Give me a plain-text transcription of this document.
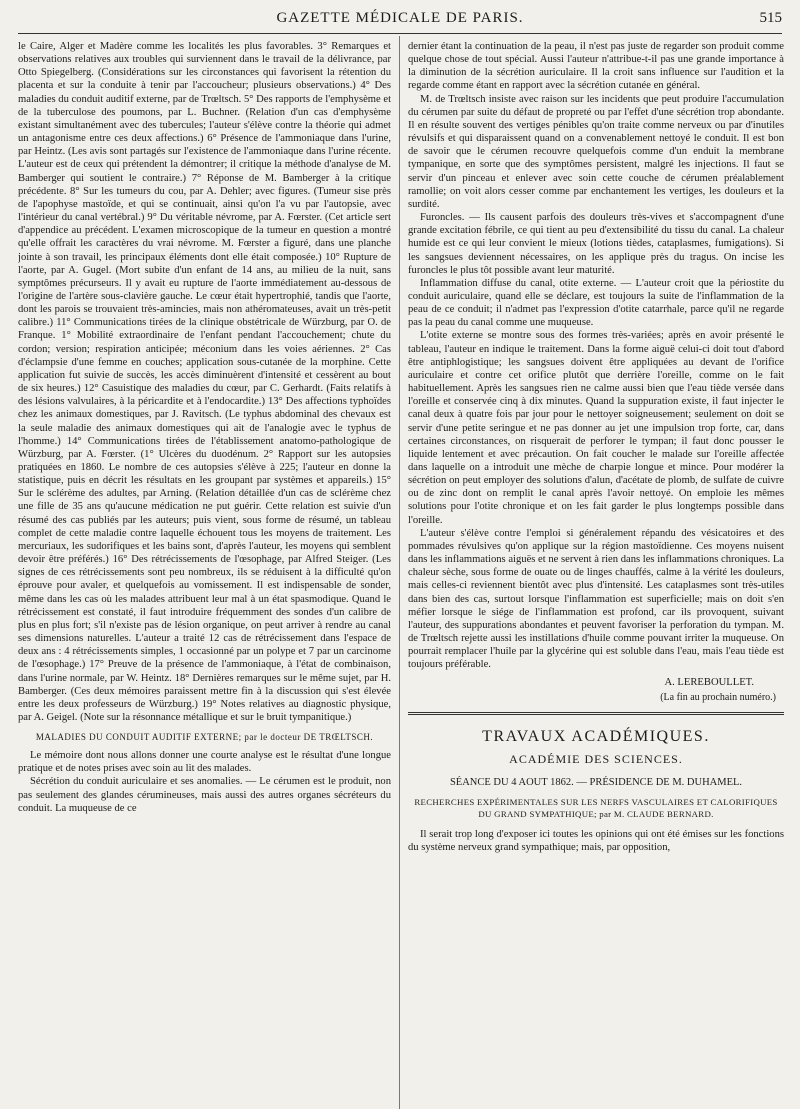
GAZETTE MÉDICALE DE PARIS.	515

le Caire, Alger et Madère comme les localités les plus favorables. 3° Remarques et observations relatives aux troubles qui surviennent dans le travail de la délivrance, par Otto Spiegelberg. (Considérations sur les circonstances qui favorisent la rétention du placenta et sur la conduite à tenir par l'accoucheur; plusieurs observations.) 4° Des maladies du conduit auditif externe, par de Trœltsch. 5° Des rapports de l'emphysème et de la tuberculose des poumons, par L. Buchner. (Relation d'un cas d'emphysème existant simultanément avec des tubercules; l'auteur s'élève contre la théorie qui admet un antagonisme entre ces deux affections.) 6° Présence de l'ammoniaque dans l'urine, par Heintz. (Les avis sont partagés sur l'existence de l'ammoniaque dans l'urine récente. L'auteur est de ceux qui prétendent la démontrer; il critique la méthode d'analyse de M. Bamberger qui soutient le contraire.) 7° Réponse de M. Bamberger à la critique précédente. 8° Sur les tumeurs du cou, par A. Dehler; avec figures. (Tumeur sise près de l'apophyse mastoïde, et qui se continuait, ainsi qu'on l'a vu par l'autopsie, avec l'intérieur du canal vertébral.) 9° Du véritable névrome, par A. Fœrster. (Cet article sert d'appendice au précédent. L'examen microscopique de la tumeur en question a montré qu'elle offrait les caractères du vrai névrome. M. Fœrster a figuré, dans une planche jointe à son travail, les principaux éléments dont elle était composée.) 10° Rupture de l'aorte, par A. Gugel. (Mort subite d'un enfant de 14 ans, au milieu de la nuit, sans symptômes précurseurs. Il y avait eu rupture de l'aorte immédiatement au-dessous de l'origine de l'artère sous-clavière gauche. Le cœur était hypertrophié, tandis que l'aorte, dont les parois se trouvaient très-amincies, mais non athéromateuses, avait un très-petit calibre.) 11° Communications tirées de la clinique obstétricale de Würzburg, par O. de Franque. 1° Mobilité extraordinaire de l'enfant pendant l'accouchement; chute du cordon; version; respiration anticipée; méconium dans les voies aériennes. 2° Cas d'éclampsie d'une femme en couches; application sous-cutanée de la morphine. Cette application fut suivie de succès, les accès diminuèrent d'intensité et cessèrent au bout de six heures.) 12° Casuistique des maladies du cœur, par C. Gerhardt. (Faits relatifs à des lésions valvulaires, à la péricardite et à l'endocardite.) 13° Des affections typhoïdes chez les animaux domestiques, par J. Ravitsch. (Le typhus abdominal des chevaux est la seule maladie des animaux domestiques qui ait de l'analogie avec le typhus de l'homme.) 14° Communications tirées de l'établissement anatomo-pathologique de Würzburg, par A. Fœrster. (1° Ulcères du duodénum. 2° Rapport sur les autopsies pratiquées en 1860. Le nombre de ces autopsies s'élève à 225; l'auteur en donne la statistique, puis en décrit les résultats en les groupant par systèmes et appareils.) 15° Sur le sclérème des adultes, par Arning. (Relation détaillée d'un cas de sclérème chez une fille de 35 ans qu'aucune médication ne put guérir. Cette relation est suivie d'un résumé des cas publiés par les auteurs; puis vient, sous forme de résumé, un tableau complet de cette maladie contre laquelle échouent tous les moyens de traitement. Les mercuriaux, les sudorifiques et les bains sont, d'après l'auteur, les moyens qui semblent devoir être préférés.) 16° Des rétrécissements de l'œsophage, par Alfred Steiger. (Les signes de ces rétrécissements sont peu nombreux, ils se réduisent à la difficulté qu'on éprouve pour avaler, et quelquefois au vomissement. Il est indispensable de sonder, même dans les cas où les malades attribuent leur mal à un état spasmodique. Quand le rétrécissement est constaté, il faut introduire fréquemment des sondes d'un calibre de plus en plus fort; s'il n'existe pas de lésion organique, on peut arriver à rendre au canal ses dimensions naturelles. L'auteur a traité 12 cas de rétrécissement dans l'espace de deux ans : 4 rétrécissements simples, 1 occasionné par un polype et 7 par un carcinome de l'œsophage.) 17° Preuve de la présence de l'ammoniaque, à l'état de combinaison, dans l'urine normale, par W. Heintz. 18° Dernières remarques sur le même sujet, par H. Bamberger. (Ces deux mémoires paraissent mettre fin à la discussion qui s'est élevée entre les deux professeurs de Würzburg.) 19° Notes relatives au diagnostic physique, par A. Geigel. (Note sur la résonnance métallique et sur le bruit tympanitique.)

MALADIES DU CONDUIT AUDITIF EXTERNE; par le docteur DE TRŒLTSCH.

Le mémoire dont nous allons donner une courte analyse est le résultat d'une longue pratique et de notes prises avec soin au lit des malades.

Sécrétion du conduit auriculaire et ses anomalies. — Le cérumen est le produit, non pas seulement des glandes cérumineuses, mais aussi des autres organes sécréteurs du conduit. La muqueuse de ce

dernier étant la continuation de la peau, il n'est pas juste de regarder son produit comme quelque chose de tout spécial. Aussi l'auteur n'attribue-t-il pas une grande importance à la diminution de la sécrétion auriculaire. Il la croit sans influence sur l'audition et la regarde comme étant en rapport avec la sécrétion cutanée en général.

M. de Trœltsch insiste avec raison sur les incidents que peut produire l'accumulation du cérumen par suite du défaut de propreté ou par l'effet d'une sécrétion trop abondante. Il en résulte souvent des vertiges pénibles qu'on traite comme nerveux ou par d'inutiles révulsifs et qui disparaissent quand on a convenablement nettoyé le conduit. Il est bon de savoir que le cérumen recouvre quelquefois comme d'un enduit la membrane tympanique, en sorte que des symptômes persistent, malgré les injections. Il faut se servir d'un pinceau et enlever avec soin cette couche de cérumen préalablement ramollie; on voit alors cesser comme par enchantement les vertiges, les douleurs et la surdité.

Furoncles. — Ils causent parfois des douleurs très-vives et s'accompagnent d'une grande excitation fébrile, ce qui tient au peu d'extensibilité du tissu du canal. La chaleur humide est ce qui leur convient le mieux (lotions tièdes, cataplasmes, fumigations). Si les sangsues deviennent nécessaires, on les applique près du tragus. On incise les furoncles le plus tôt possible avant leur maturité.

Inflammation diffuse du canal, otite externe. — L'auteur croit que la périostite du conduit auriculaire, quand elle se déclare, est toujours la suite de l'inflammation de la peau de ce conduit; il n'admet pas l'expression d'otite catarrhale, parce qu'il ne regarde pas la peau du canal comme une muqueuse.

L'otite externe se montre sous des formes très-variées; après en avoir présenté le tableau, l'auteur en indique le traitement. Dans la forme aiguë celui-ci doit tout d'abord être antiphlogistique; les sangsues doivent être appliquées au devant de l'orifice auriculaire et contre cet orifice plutôt que derrière l'oreille, comme on le fait habituellement. Après les sangsues rien ne calme aussi bien que l'eau tiède versée dans l'oreille et conservée cinq à dix minutes. Quand la suppuration existe, il faut injecter le canal deux à quatre fois par jour pour le nettoyer soigneusement; seulement on doit se servir d'une petite seringue et ne pas donner au jet une impulsion trop forte, car, dans certaines circonstances, on risquerait de perforer le tympan; il faut donc pousser le liquide lentement et avec précaution. On fait coucher le malade sur l'oreille affectée dans laquelle on a introduit une mèche de charpie longue et mince. Pour modérer la sécrétion on peut employer des solutions d'alun, d'acétate de plomb, de sulfate de cuivre ou de zinc dont on remplit le canal après l'avoir nettoyé. On emploie les mêmes solutions pour l'otite chronique et on les fait garder le plus longtemps possible dans l'oreille.

L'auteur s'élève contre l'emploi si généralement répandu des vésicatoires et des pommades révulsives qu'on applique sur la région mastoïdienne. Ces moyens nuisent dans les inflammations aiguës et ne servent à rien dans les inflammations chroniques. La chaleur sèche, sous forme de ouate ou de linges chauffés, calme à la vérité les douleurs, mais celles-ci reviennent bientôt avec plus d'intensité. Les cataplasmes sont très-utiles dans bien des cas, surtout lorsque l'inflammation est superficielle; mais on doit s'en méfier lorsque le siége de l'inflammation est profond, car ils provoquent, suivant l'auteur, des suppurations abondantes et peuvent favoriser la perforation du tympan. M. de Trœltsch rejette aussi les instillations d'huile comme pouvant irriter la muqueuse. On pourrait remplacer l'huile par la glycérine qui est soluble dans l'eau, mais l'eau tiède est toujours préférable.

A. LEREBOULLET.
(La fin au prochain numéro.)
TRAVAUX ACADÉMIQUES.
ACADÉMIE DES SCIENCES.
SÉANCE DU 4 AOUT 1862. — PRÉSIDENCE DE M. DUHAMEL.
RECHERCHES EXPÉRIMENTALES SUR LES NERFS VASCULAIRES ET CALORIFIQUES DU GRAND SYMPATHIQUE; par M. CLAUDE BERNARD.

Il serait trop long d'exposer ici toutes les opinions qui ont été émises sur les fonctions du système nerveux grand sympathique; mais, par opposition,
